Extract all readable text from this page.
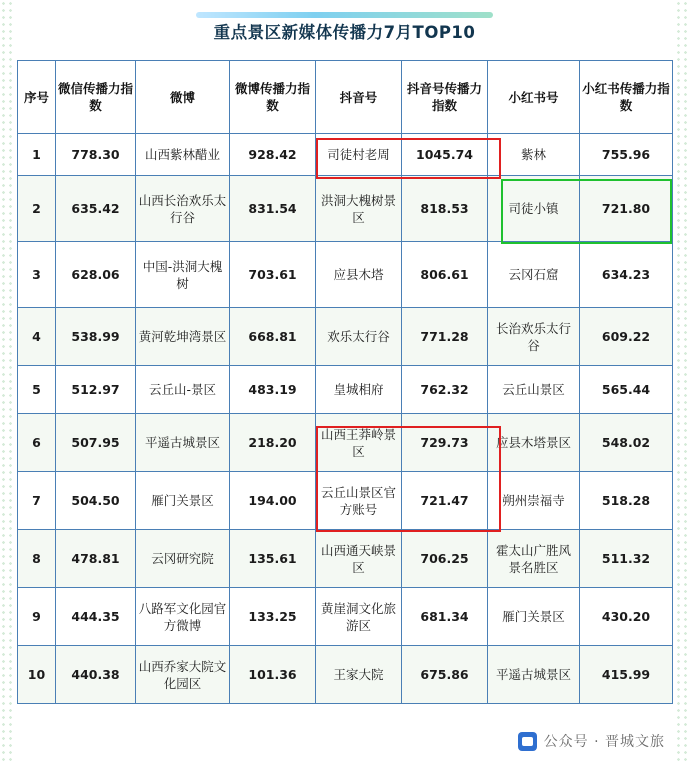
重点景区新媒体传播力7月TOP10
序号	微信传播力指数	微博	微博传播力指数	抖音号	抖音号传播力指数	小红书号	小红书传播力指数
1	778.30	山西紫林醋业	928.42	司徒村老周	1045.74	紫林	755.96
2	635.42	山西长治欢乐太行谷	831.54	洪洞大槐树景区	818.53	司徒小镇	721.80
3	628.06	中国-洪洞大槐树	703.61	应县木塔	806.61	云冈石窟	634.23
4	538.99	黄河乾坤湾景区	668.81	欢乐太行谷	771.28	长治欢乐太行谷	609.22
5	512.97	云丘山-景区	483.19	皇城相府	762.32	云丘山景区	565.44
6	507.95	平遥古城景区	218.20	山西王莽岭景区	729.73	应县木塔景区	548.02
7	504.50	雁门关景区	194.00	云丘山景区官方账号	721.47	朔州崇福寺	518.28
8	478.81	云冈研究院	135.61	山西通天峡景区	706.25	霍太山广胜风景名胜区	511.32
9	444.35	八路军文化园官方微博	133.25	黄崖洞文化旅游区	681.34	雁门关景区	430.20
10	440.38	山西乔家大院文化园区	101.36	王家大院	675.86	平遥古城景区	415.99
公众号 · 晋城文旅
